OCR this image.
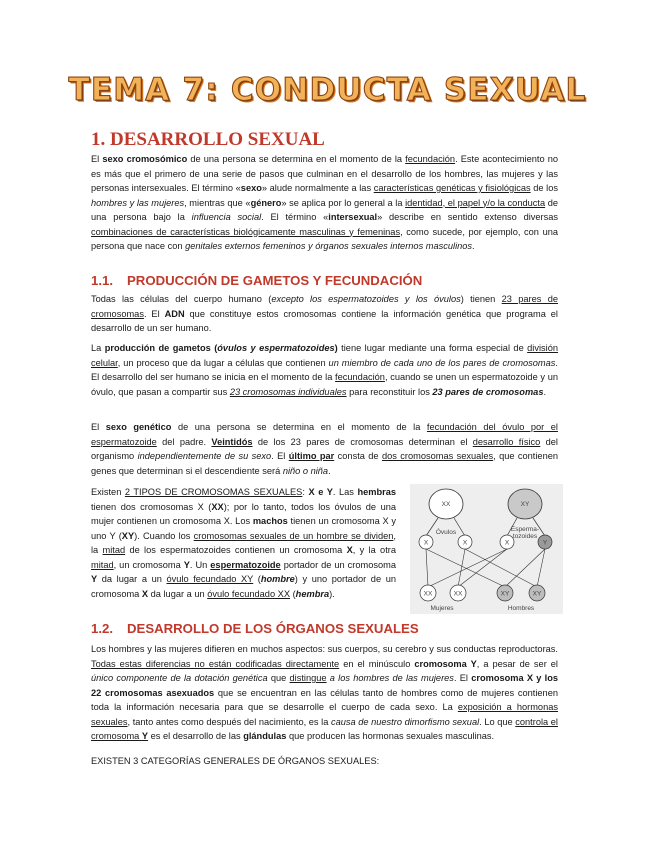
TEMA 7: CONDUCTA SEXUAL
1. DESARROLLO SEXUAL
El sexo cromosómico de una persona se determina en el momento de la fecundación. Este acontecimiento no es más que el primero de una serie de pasos que culminan en el desarrollo de los hombres, las mujeres y las personas intersexuales. El término «sexo» alude normalmente a las características genéticas y fisiológicas de los hombres y las mujeres, mientras que «género» se aplica por lo general a la identidad, el papel y/o la conducta de una persona bajo la influencia social. El término «intersexual» describe en sentido extenso diversas combinaciones de características biológicamente masculinas y femeninas, como sucede, por ejemplo, con una persona que nace con genitales externos femeninos y órganos sexuales internos masculinos.
1.1. PRODUCCIÓN DE GAMETOS Y FECUNDACIÓN
Todas las células del cuerpo humano (excepto los espermatozoides y los óvulos) tienen 23 pares de cromosomas. El ADN que constituye estos cromosomas contiene la información genética que programa el desarrollo de un ser humano.
La producción de gametos (óvulos y espermatozoides) tiene lugar mediante una forma especial de división celular, un proceso que da lugar a células que contienen un miembro de cada uno de los pares de cromosomas. El desarrollo del ser humano se inicia en el momento de la fecundación, cuando se unen un espermatozoide y un óvulo, que pasan a compartir sus 23 cromosomas individuales para reconstituir los 23 pares de cromosomas.
El sexo genético de una persona se determina en el momento de la fecundación del óvulo por el espermatozoide del padre. Veintidós de los 23 pares de cromosomas determinan el desarrollo físico del organismo independientemente de su sexo. El último par consta de dos cromosomas sexuales, que contienen genes que determinan si el descendiente será niño o niña.
Existen 2 TIPOS DE CROMOSOMAS SEXUALES: X e Y. Las hembras tienen dos cromosomas X (XX); por lo tanto, todos los óvulos de una mujer contienen un cromosoma X. Los machos tienen un cromosoma X y uno Y (XY). Cuando los cromosomas sexuales de un hombre se dividen, la mitad de los espermatozoides contienen un cromosoma X, y la otra mitad, un cromosoma Y. Un espermatozoide portador de un cromosoma Y da lugar a un óvulo fecundado XY (hombre) y uno portador de un cromosoma X da lugar a un óvulo fecundado XX (hembra).
XX	XY
Óvulos	Esperma-
tozoides
X	X	X	Y
XX	XX	XY	XY
Mujeres	Hombres
1.2. DESARROLLO DE LOS ÓRGANOS SEXUALES
Los hombres y las mujeres difieren en muchos aspectos: sus cuerpos, su cerebro y sus conductas reproductoras. Todas estas diferencias no están codificadas directamente en el minúsculo cromosoma Y, a pesar de ser el único componente de la dotación genética que distingue a los hombres de las mujeres. El cromosoma X y los 22 cromosomas asexuados que se encuentran en las células tanto de hombres como de mujeres contienen toda la información necesaria para que se desarrolle el cuerpo de cada sexo. La exposición a hormonas sexuales, tanto antes como después del nacimiento, es la causa de nuestro dimorfismo sexual. Lo que controla el cromosoma Y es el desarrollo de las glándulas que producen las hormonas sexuales masculinas.
EXISTEN 3 CATEGORÍAS GENERALES DE ÓRGANOS SEXUALES:
